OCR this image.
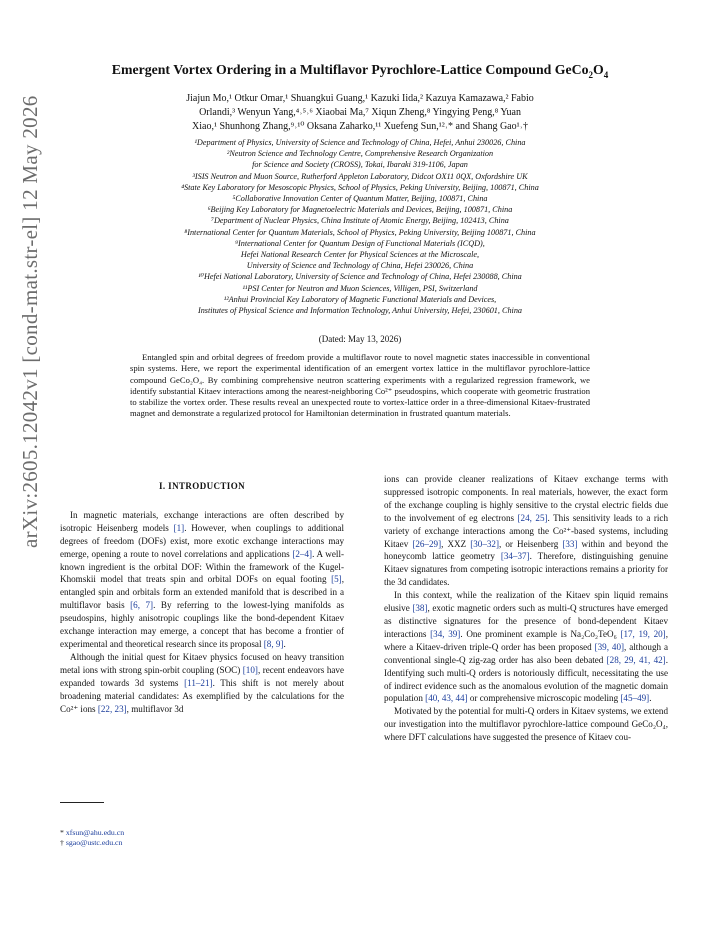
arXiv:2605.12042v1 [cond-mat.str-el] 12 May 2026
Emergent Vortex Ordering in a Multiflavor Pyrochlore-Lattice Compound $GeCo_2O_4$
Jiajun Mo,¹ Otkur Omar,¹ Shuangkui Guang,¹ Kazuki Iida,² Kazuya Kamazawa,² Fabio
Orlandi,³ Wenyun Yang,⁴˒⁵˒⁶ Xiaobai Ma,⁷ Xiqun Zheng,⁸ Yingying Peng,⁸ Yuan
Xiao,¹ Shunhong Zhang,⁹˒¹⁰ Oksana Zaharko,¹¹ Xuefeng Sun,¹²˒* and Shang Gao¹˒†
¹Department of Physics, University of Science and Technology of China, Hefei, Anhui 230026, China
²Neutron Science and Technology Centre, Comprehensive Research Organization
for Science and Society (CROSS), Tokai, Ibaraki 319-1106, Japan
³ISIS Neutron and Muon Source, Rutherford Appleton Laboratory, Didcot OX11 0QX, Oxfordshire UK
⁴State Key Laboratory for Mesoscopic Physics, School of Physics, Peking University, Beijing, 100871, China
⁵Collaborative Innovation Center of Quantum Matter, Beijing, 100871, China
⁶Beijing Key Laboratory for Magnetoelectric Materials and Devices, Beijing, 100871, China
⁷Department of Nuclear Physics, China Institute of Atomic Energy, Beijing, 102413, China
⁸International Center for Quantum Materials, School of Physics, Peking University, Beijing 100871, China
⁹International Center for Quantum Design of Functional Materials (ICQD),
Hefei National Research Center for Physical Sciences at the Microscale,
University of Science and Technology of China, Hefei 230026, China
¹⁰Hefei National Laboratory, University of Science and Technology of China, Hefei 230088, China
¹¹PSI Center for Neutron and Muon Sciences, Villigen, PSI, Switzerland
¹²Anhui Provincial Key Laboratory of Magnetic Functional Materials and Devices,
Institutes of Physical Science and Information Technology, Anhui University, Hefei, 230601, China
(Dated: May 13, 2026)
Entangled spin and orbital degrees of freedom provide a multiflavor route to novel magnetic states inaccessible in conventional spin systems. Here, we report the experimental identification of an emergent vortex lattice in the multiflavor pyrochlore-lattice compound GeCo₂O₄. By combining comprehensive neutron scattering experiments with a regularized regression framework, we identify substantial Kitaev interactions among the nearest-neighboring Co²⁺ pseudospins, which cooperate with geometric frustration to stabilize the vortex order. These results reveal an unexpected route to vortex-lattice order in a three-dimensional Kitaev-frustrated magnet and demonstrate a regularized protocol for Hamiltonian determination in frustrated quantum materials.
I. INTRODUCTION

In magnetic materials, exchange interactions are often described by isotropic Heisenberg models [1]. However, when couplings to additional degrees of freedom (DOFs) exist, more exotic exchange interactions may emerge, opening a route to novel correlations and applications [2–4]. A well-known ingredient is the orbital DOF: Within the framework of the Kugel-Khomskii model that treats spin and orbital DOFs on equal footing [5], entangled spin and orbitals form an extended manifold that is described in a multiflavor basis [6, 7]. By referring to the lowest-lying manifolds as pseudospins, highly anisotropic couplings like the bond-dependent Kitaev exchange interaction may emerge, a concept that has become a frontier of experimental and theoretical research since its proposal [8, 9].

Although the initial quest for Kitaev physics focused on heavy transition metal ions with strong spin-orbit coupling (SOC) [10], recent endeavors have expanded towards 3d systems [11–21]. This shift is not merely about broadening material candidates: As exemplified by the calculations for the Co²⁺ ions [22, 23], multiflavor 3d

ions can provide cleaner realizations of Kitaev exchange terms with suppressed isotropic components. In real materials, however, the exact form of the exchange coupling is highly sensitive to the crystal electric fields due to the involvement of eg electrons [24, 25]. This sensitivity leads to a rich variety of exchange interactions among the Co²⁺-based systems, including Kitaev [26–29], XXZ [30–32], or Heisenberg [33] within and beyond the honeycomb lattice geometry [34–37]. Therefore, distinguishing genuine Kitaev signatures from competing isotropic interactions remains a priority for the 3d candidates.

In this context, while the realization of the Kitaev spin liquid remains elusive [38], exotic magnetic orders such as multi-Q structures have emerged as distinctive signatures for the presence of bond-dependent Kitaev interactions [34, 39]. One prominent example is Na₂Co₂TeO₆ [17, 19, 20], where a Kitaev-driven triple-Q order has been proposed [39, 40], although a conventional single-Q zig-zag order has also been debated [28, 29, 41, 42]. Identifying such multi-Q orders is notoriously difficult, necessitating the use of indirect evidence such as the anomalous evolution of the magnetic domain population [40, 43, 44] or comprehensive microscopic modeling [45–49].

Motivated by the potential for multi-Q orders in Kitaev systems, we extend our investigation into the multiflavor pyrochlore-lattice compound GeCo₂O₄, where DFT calculations have suggested the presence of Kitaev cou-

* xfsun@ahu.edu.cn
† sgao@ustc.edu.cn
